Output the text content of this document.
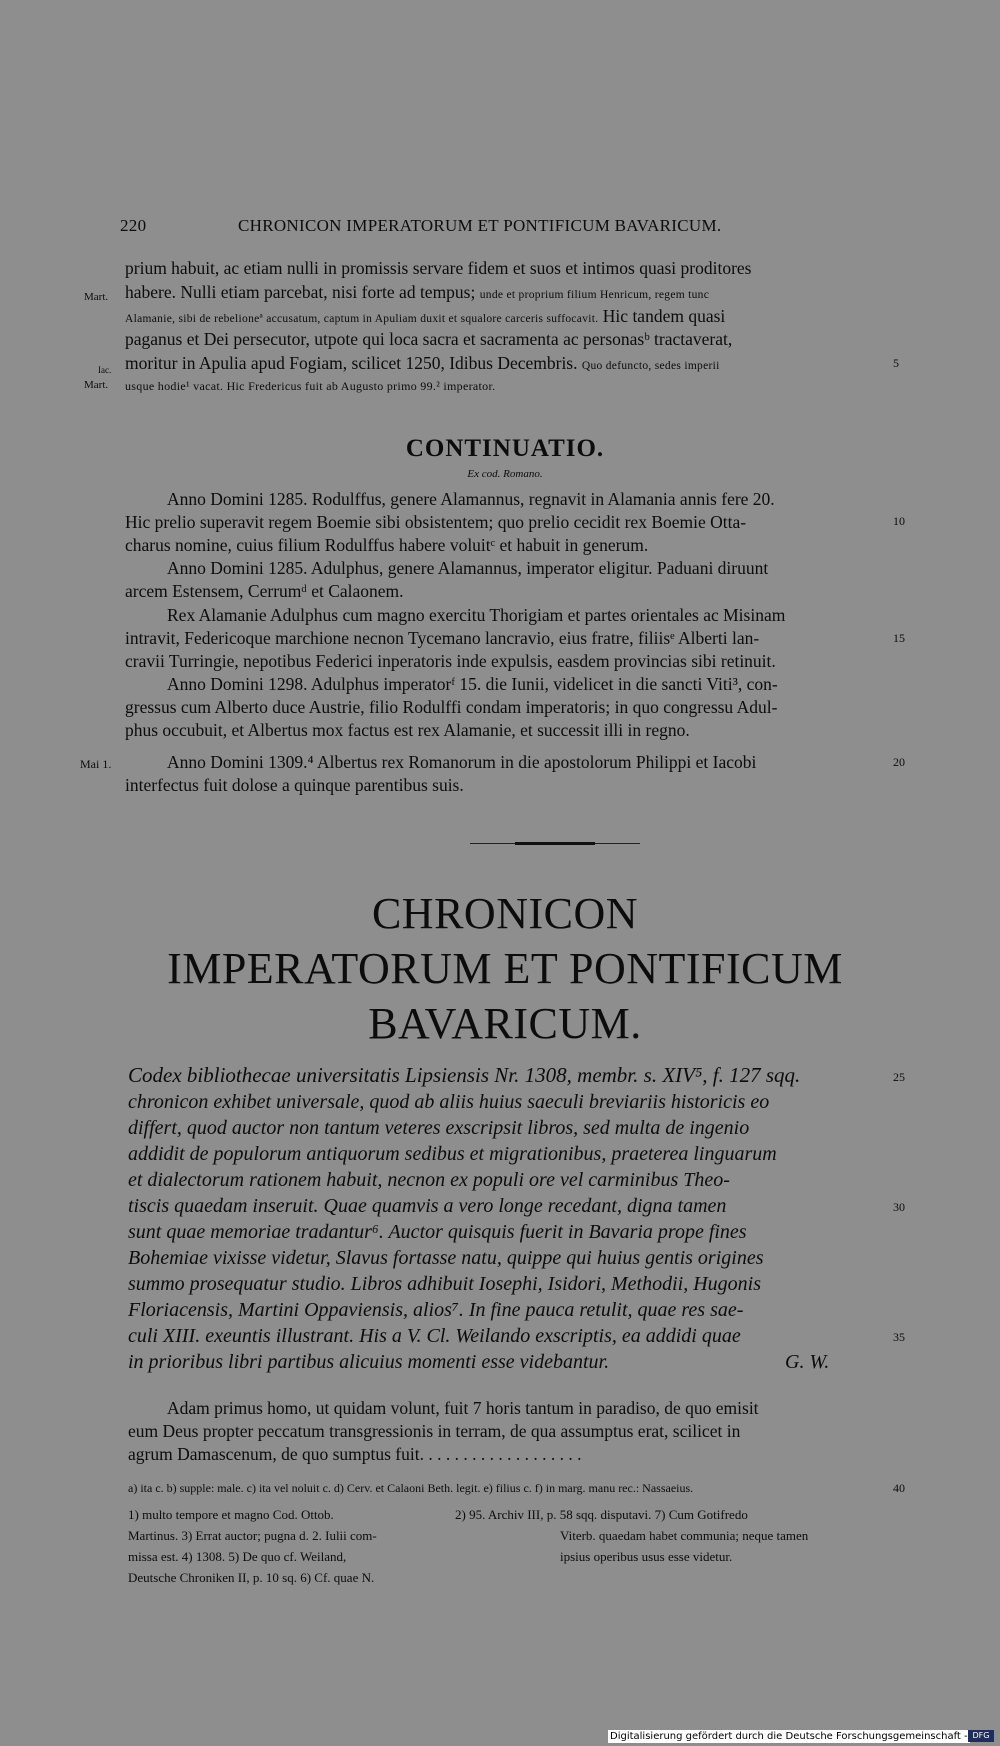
220	CHRONICON IMPERATORUM ET PONTIFICUM BAVARICUM.
prium habuit, ac etiam nulli in promissis servare fidem et suos et intimos quasi proditores
Mart. habere. Nulli etiam parcebat, nisi forte ad tempus; unde et proprium filium Henricum, regem tunc
Alamanie, sibi de rebelioneª accusatum, captum in Apuliam duxit et squalore carceris suffocavit. Hic tandem quasi
paganus et Dei persecutor, utpote qui loca sacra et sacramenta ac personasᵇ tractaverat,
Iac. moritur in Apulia apud Fogiam, scilicet 1250, Idibus Decembris. Quo defuncto, sedes imperii	5
Mart. usque hodie¹ vacat. Hic Fredericus fuit ab Augusto primo 99.² imperator.
CONTINUATIO.
Ex cod. Romano.
Anno Domini 1285. Rodulffus, genere Alamannus, regnavit in Alamania annis fere 20.
Hic prelio superavit regem Boemie sibi obsistentem; quo prelio cecidit rex Boemie Otta-	10
charus nomine, cuius filium Rodulffus habere voluitᶜ et habuit in generum.
Anno Domini 1285. Adulphus, genere Alamannus, imperator eligitur. Paduani diruunt
arcem Estensem, Cerrumᵈ et Calaonem.
Rex Alamanie Adulphus cum magno exercitu Thorigiam et partes orientales ac Misinam
intravit, Federicoque marchione necnon Tycemano lancravio, eius fratre, filiisᵉ Alberti lan-	15
cravii Turringie, nepotibus Federici inperatoris inde expulsis, easdem provincias sibi retinuit.
Anno Domini 1298. Adulphus imperatorᶠ 15. die Iunii, videlicet in die sancti Viti³, con-
gressus cum Alberto duce Austrie, filio Rodulffi condam imperatoris; in quo congressu Adul-
phus occubuit, et Albertus mox factus est rex Alamanie, et successit illi in regno.
Mai 1.	Anno Domini 1309.⁴ Albertus rex Romanorum in die apostolorum Philippi et Iacobi	20
interfectus fuit dolose a quinque parentibus suis.
CHRONICON
IMPERATORUM ET PONTIFICUM
BAVARICUM.
Codex bibliothecae universitatis Lipsiensis Nr. 1308, membr. s. XIV⁵, f. 127 sqq.	25
chronicon exhibet universale, quod ab aliis huius saeculi breviariis historicis eo
differt, quod auctor non tantum veteres exscripsit libros, sed multa de ingenio
addidit de populorum antiquorum sedibus et migrationibus, praeterea linguarum
et dialectorum rationem habuit, necnon ex populi ore vel carminibus Theo-
tiscis quaedam inseruit. Quae quamvis a vero longe recedant, digna tamen	30
sunt quae memoriae tradantur⁶. Auctor quisquis fuerit in Bavaria prope fines
Bohemiae vixisse videtur, Slavus fortasse natu, quippe qui huius gentis origines
summo prosequatur studio. Libros adhibuit Iosephi, Isidori, Methodii, Hugonis
Floriacensis, Martini Oppaviensis, alios⁷. In fine pauca retulit, quae res sae-
culi XIII. exeuntis illustrant. His a V. Cl. Weilando exscriptis, ea addidi quae	35
in prioribus libri partibus alicuius momenti esse videbantur.	G. W.
Adam primus homo, ut quidam volunt, fuit 7 horis tantum in paradiso, de quo emisit
eum Deus propter peccatum transgressionis in terram, de qua assumptus erat, scilicet in
agrum Damascenum, de quo sumptus fuit. . . . . . . . . . . . . . . . . . .
a) ita c. b) supple: male. c) ita vel noluit c. d) Cerv. et Calaoni Beth. legit. e) filius c. f) in marg. manu rec.: Nassaeius.	40
1) multo tempore et magno Cod. Ottob.
Martinus. 3) Errat auctor; pugna d. 2. Iulii com-
missa est. 4) 1308. 5) De quo cf. Weiland,
Deutsche Chroniken II, p. 10 sq. 6) Cf. quae N.
2) 95. Archiv III, p. 58 sqq. disputavi. 7) Cum Gotifredo
Viterb. quaedam habet communia; neque tamen
ipsius operibus usus esse videtur.
Digitalisierung gefördert durch die Deutsche Forschungsgemeinschaft - DFG
